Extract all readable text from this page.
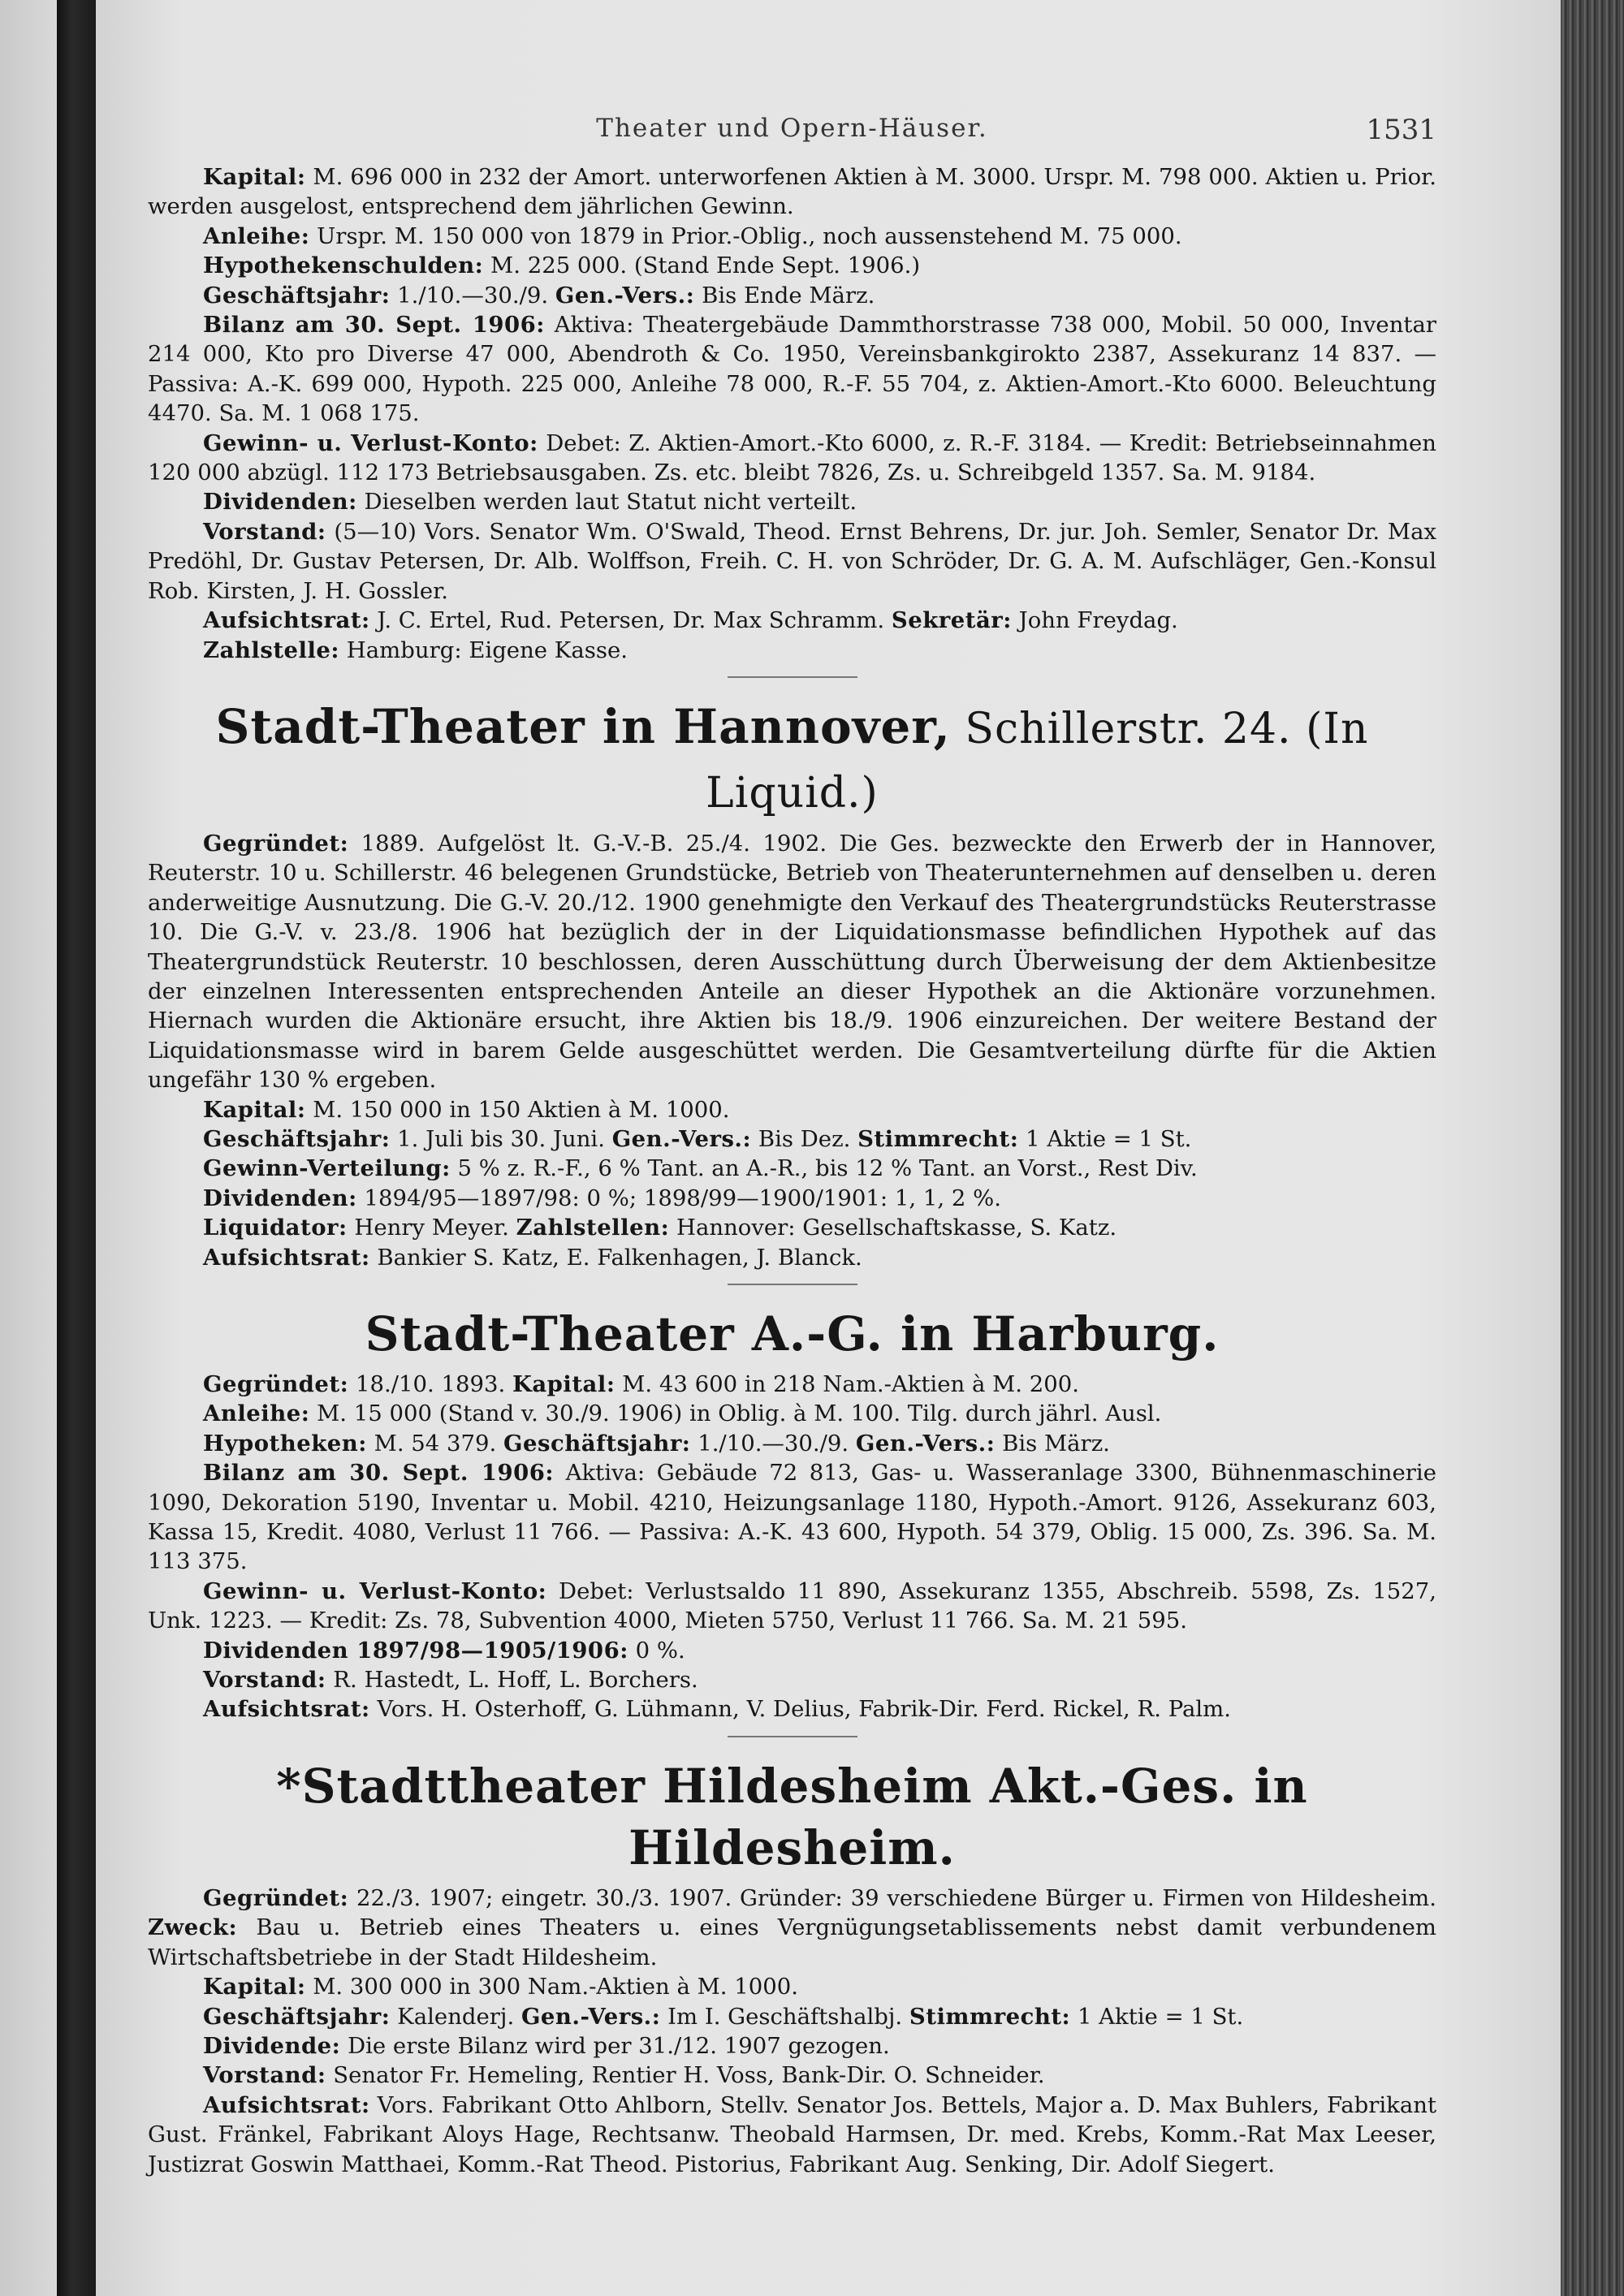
Theater und Opern-Häuser.	1531

Kapital: M. 696 000 in 232 der Amort. unterworfenen Aktien à M. 3000. Urspr. M. 798 000. Aktien u. Prior. werden ausgelost, entsprechend dem jährlichen Gewinn.

Anleihe: Urspr. M. 150 000 von 1879 in Prior.-Oblig., noch aussenstehend M. 75 000.

Hypothekenschulden: M. 225 000. (Stand Ende Sept. 1906.)

Geschäftsjahr: 1./10.—30./9. Gen.-Vers.: Bis Ende März.

Bilanz am 30. Sept. 1906: Aktiva: Theatergebäude Dammthorstrasse 738 000, Mobil. 50 000, Inventar 214 000, Kto pro Diverse 47 000, Abendroth & Co. 1950, Vereinsbankgirokto 2387, Assekuranz 14 837. — Passiva: A.-K. 699 000, Hypoth. 225 000, Anleihe 78 000, R.-F. 55 704, z. Aktien-Amort.-Kto 6000. Beleuchtung 4470. Sa. M. 1 068 175.

Gewinn- u. Verlust-Konto: Debet: Z. Aktien-Amort.-Kto 6000, z. R.-F. 3184. — Kredit: Betriebseinnahmen 120 000 abzügl. 112 173 Betriebsausgaben. Zs. etc. bleibt 7826, Zs. u. Schreibgeld 1357. Sa. M. 9184.

Dividenden: Dieselben werden laut Statut nicht verteilt.

Vorstand: (5—10) Vors. Senator Wm. O'Swald, Theod. Ernst Behrens, Dr. jur. Joh. Semler, Senator Dr. Max Predöhl, Dr. Gustav Petersen, Dr. Alb. Wolffson, Freih. C. H. von Schröder, Dr. G. A. M. Aufschläger, Gen.-Konsul Rob. Kirsten, J. H. Gossler.

Aufsichtsrat: J. C. Ertel, Rud. Petersen, Dr. Max Schramm. Sekretär: John Freydag.

Zahlstelle: Hamburg: Eigene Kasse.

Stadt-Theater in Hannover, Schillerstr. 24. (In Liquid.)

Gegründet: 1889. Aufgelöst lt. G.-V.-B. 25./4. 1902. Die Ges. bezweckte den Erwerb der in Hannover, Reuterstr. 10 u. Schillerstr. 46 belegenen Grundstücke, Betrieb von Theaterunternehmen auf denselben u. deren anderweitige Ausnutzung. Die G.-V. 20./12. 1900 genehmigte den Verkauf des Theatergrundstücks Reuterstrasse 10. Die G.-V. v. 23./8. 1906 hat bezüglich der in der Liquidationsmasse befindlichen Hypothek auf das Theatergrundstück Reuterstr. 10 beschlossen, deren Ausschüttung durch Überweisung der dem Aktienbesitze der einzelnen Interessenten entsprechenden Anteile an dieser Hypothek an die Aktionäre vorzunehmen. Hiernach wurden die Aktionäre ersucht, ihre Aktien bis 18./9. 1906 einzureichen. Der weitere Bestand der Liquidationsmasse wird in barem Gelde ausgeschüttet werden. Die Gesamtverteilung dürfte für die Aktien ungefähr 130 % ergeben.

Kapital: M. 150 000 in 150 Aktien à M. 1000.

Geschäftsjahr: 1. Juli bis 30. Juni. Gen.-Vers.: Bis Dez. Stimmrecht: 1 Aktie = 1 St.

Gewinn-Verteilung: 5 % z. R.-F., 6 % Tant. an A.-R., bis 12 % Tant. an Vorst., Rest Div.

Dividenden: 1894/95—1897/98: 0 %; 1898/99—1900/1901: 1, 1, 2 %.

Liquidator: Henry Meyer. Zahlstellen: Hannover: Gesellschaftskasse, S. Katz.

Aufsichtsrat: Bankier S. Katz, E. Falkenhagen, J. Blanck.

Stadt-Theater A.-G. in Harburg.

Gegründet: 18./10. 1893. Kapital: M. 43 600 in 218 Nam.-Aktien à M. 200.

Anleihe: M. 15 000 (Stand v. 30./9. 1906) in Oblig. à M. 100. Tilg. durch jährl. Ausl.

Hypotheken: M. 54 379. Geschäftsjahr: 1./10.—30./9. Gen.-Vers.: Bis März.

Bilanz am 30. Sept. 1906: Aktiva: Gebäude 72 813, Gas- u. Wasseranlage 3300, Bühnenmaschinerie 1090, Dekoration 5190, Inventar u. Mobil. 4210, Heizungsanlage 1180, Hypoth.-Amort. 9126, Assekuranz 603, Kassa 15, Kredit. 4080, Verlust 11 766. — Passiva: A.-K. 43 600, Hypoth. 54 379, Oblig. 15 000, Zs. 396. Sa. M. 113 375.

Gewinn- u. Verlust-Konto: Debet: Verlustsaldo 11 890, Assekuranz 1355, Abschreib. 5598, Zs. 1527, Unk. 1223. — Kredit: Zs. 78, Subvention 4000, Mieten 5750, Verlust 11 766. Sa. M. 21 595.

Dividenden 1897/98—1905/1906: 0 %.

Vorstand: R. Hastedt, L. Hoff, L. Borchers.

Aufsichtsrat: Vors. H. Osterhoff, G. Lühmann, V. Delius, Fabrik-Dir. Ferd. Rickel, R. Palm.

*Stadttheater Hildesheim Akt.-Ges. in Hildesheim.

Gegründet: 22./3. 1907; eingetr. 30./3. 1907. Gründer: 39 verschiedene Bürger u. Firmen von Hildesheim. Zweck: Bau u. Betrieb eines Theaters u. eines Vergnügungsetablissements nebst damit verbundenem Wirtschaftsbetriebe in der Stadt Hildesheim.

Kapital: M. 300 000 in 300 Nam.-Aktien à M. 1000.

Geschäftsjahr: Kalenderj. Gen.-Vers.: Im I. Geschäftshalbj. Stimmrecht: 1 Aktie = 1 St.

Dividende: Die erste Bilanz wird per 31./12. 1907 gezogen.

Vorstand: Senator Fr. Hemeling, Rentier H. Voss, Bank-Dir. O. Schneider.

Aufsichtsrat: Vors. Fabrikant Otto Ahlborn, Stellv. Senator Jos. Bettels, Major a. D. Max Buhlers, Fabrikant Gust. Fränkel, Fabrikant Aloys Hage, Rechtsanw. Theobald Harmsen, Dr. med. Krebs, Komm.-Rat Max Leeser, Justizrat Goswin Matthaei, Komm.-Rat Theod. Pistorius, Fabrikant Aug. Senking, Dir. Adolf Siegert.
